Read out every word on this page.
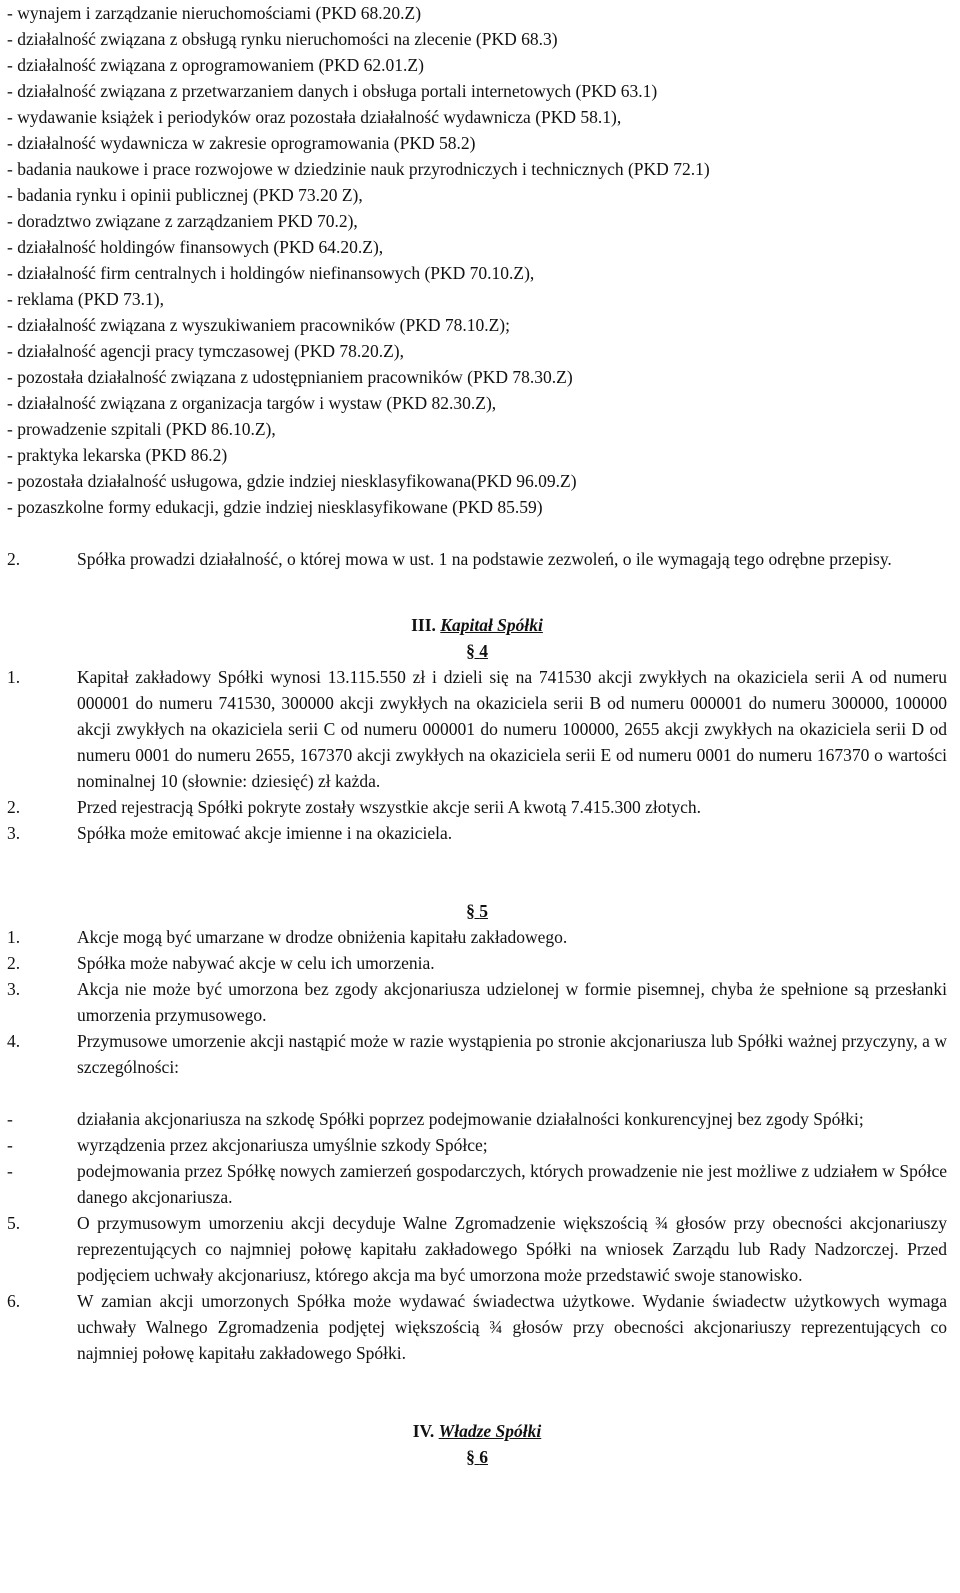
- wynajem i zarządzanie nieruchomościami (PKD 68.20.Z)
- działalność związana z obsługą rynku nieruchomości na zlecenie (PKD 68.3)
- działalność związana z oprogramowaniem (PKD 62.01.Z)
- działalność związana z przetwarzaniem danych i obsługa portali internetowych (PKD 63.1)
- wydawanie książek i periodyków oraz pozostała działalność wydawnicza (PKD 58.1),
- działalność wydawnicza w zakresie oprogramowania (PKD 58.2)
- badania naukowe i prace rozwojowe w dziedzinie nauk przyrodniczych i technicznych (PKD 72.1)
- badania rynku i opinii publicznej (PKD 73.20 Z),
- doradztwo związane z zarządzaniem PKD 70.2),
- działalność holdingów finansowych (PKD 64.20.Z),
- działalność firm centralnych i holdingów niefinansowych (PKD 70.10.Z),
- reklama (PKD 73.1),
- działalność związana z wyszukiwaniem pracowników (PKD 78.10.Z);
- działalność agencji pracy tymczasowej (PKD 78.20.Z),
- pozostała działalność związana z udostępnianiem pracowników (PKD 78.30.Z)
- działalność związana z organizacja targów i wystaw (PKD 82.30.Z),
- prowadzenie szpitali (PKD 86.10.Z),
- praktyka lekarska (PKD 86.2)
- pozostała działalność usługowa, gdzie indziej niesklasyfikowana(PKD 96.09.Z)
- pozaszkolne formy edukacji, gdzie indziej niesklasyfikowane (PKD 85.59)
2.	Spółka prowadzi działalność, o której mowa w ust. 1 na podstawie zezwoleń, o ile wymagają tego odrębne przepisy.
III. Kapitał Spółki
§ 4
1.	Kapitał zakładowy Spółki wynosi 13.115.550 zł i dzieli się na 741530 akcji zwykłych na okaziciela serii A od numeru 000001 do numeru 741530, 300000 akcji zwykłych na okaziciela serii B od numeru 000001 do numeru 300000, 100000 akcji zwykłych na okaziciela serii C od numeru 000001 do numeru 100000, 2655 akcji zwykłych na okaziciela serii D od numeru 0001 do numeru 2655, 167370 akcji zwykłych na okaziciela serii E od numeru 0001 do numeru 167370 o wartości nominalnej 10 (słownie: dziesięć) zł każda.
2.	Przed rejestracją Spółki pokryte zostały wszystkie akcje serii A kwotą 7.415.300 złotych.
3.	Spółka może emitować akcje imienne i na okaziciela.
§ 5
1.	Akcje mogą być umarzane w drodze obniżenia kapitału zakładowego.
2.	Spółka może nabywać akcje w celu ich umorzenia.
3.	Akcja nie może być umorzona bez zgody akcjonariusza udzielonej w formie pisemnej, chyba że spełnione są przesłanki umorzenia przymusowego.
4.	Przymusowe umorzenie akcji nastąpić może w razie wystąpienia po stronie akcjonariusza lub Spółki ważnej przyczyny, a w szczególności:
-	działania akcjonariusza na szkodę Spółki poprzez podejmowanie działalności konkurencyjnej bez zgody Spółki;
-	wyrządzenia przez akcjonariusza umyślnie szkody Spółce;
-	podejmowania przez Spółkę nowych zamierzeń gospodarczych, których prowadzenie nie jest możliwe z udziałem w Spółce danego akcjonariusza.
5.	O przymusowym umorzeniu akcji decyduje Walne Zgromadzenie większością ¾ głosów przy obecności akcjonariuszy reprezentujących co najmniej połowę kapitału zakładowego Spółki na wniosek Zarządu lub Rady Nadzorczej. Przed podjęciem uchwały akcjonariusz, którego akcja ma być umorzona może przedstawić swoje stanowisko.
6.	W zamian akcji umorzonych Spółka może wydawać świadectwa użytkowe. Wydanie świadectw użytkowych wymaga uchwały Walnego Zgromadzenia podjętej większością ¾ głosów przy obecności akcjonariuszy reprezentujących co najmniej połowę kapitału zakładowego Spółki.
IV. Władze Spółki
§ 6
